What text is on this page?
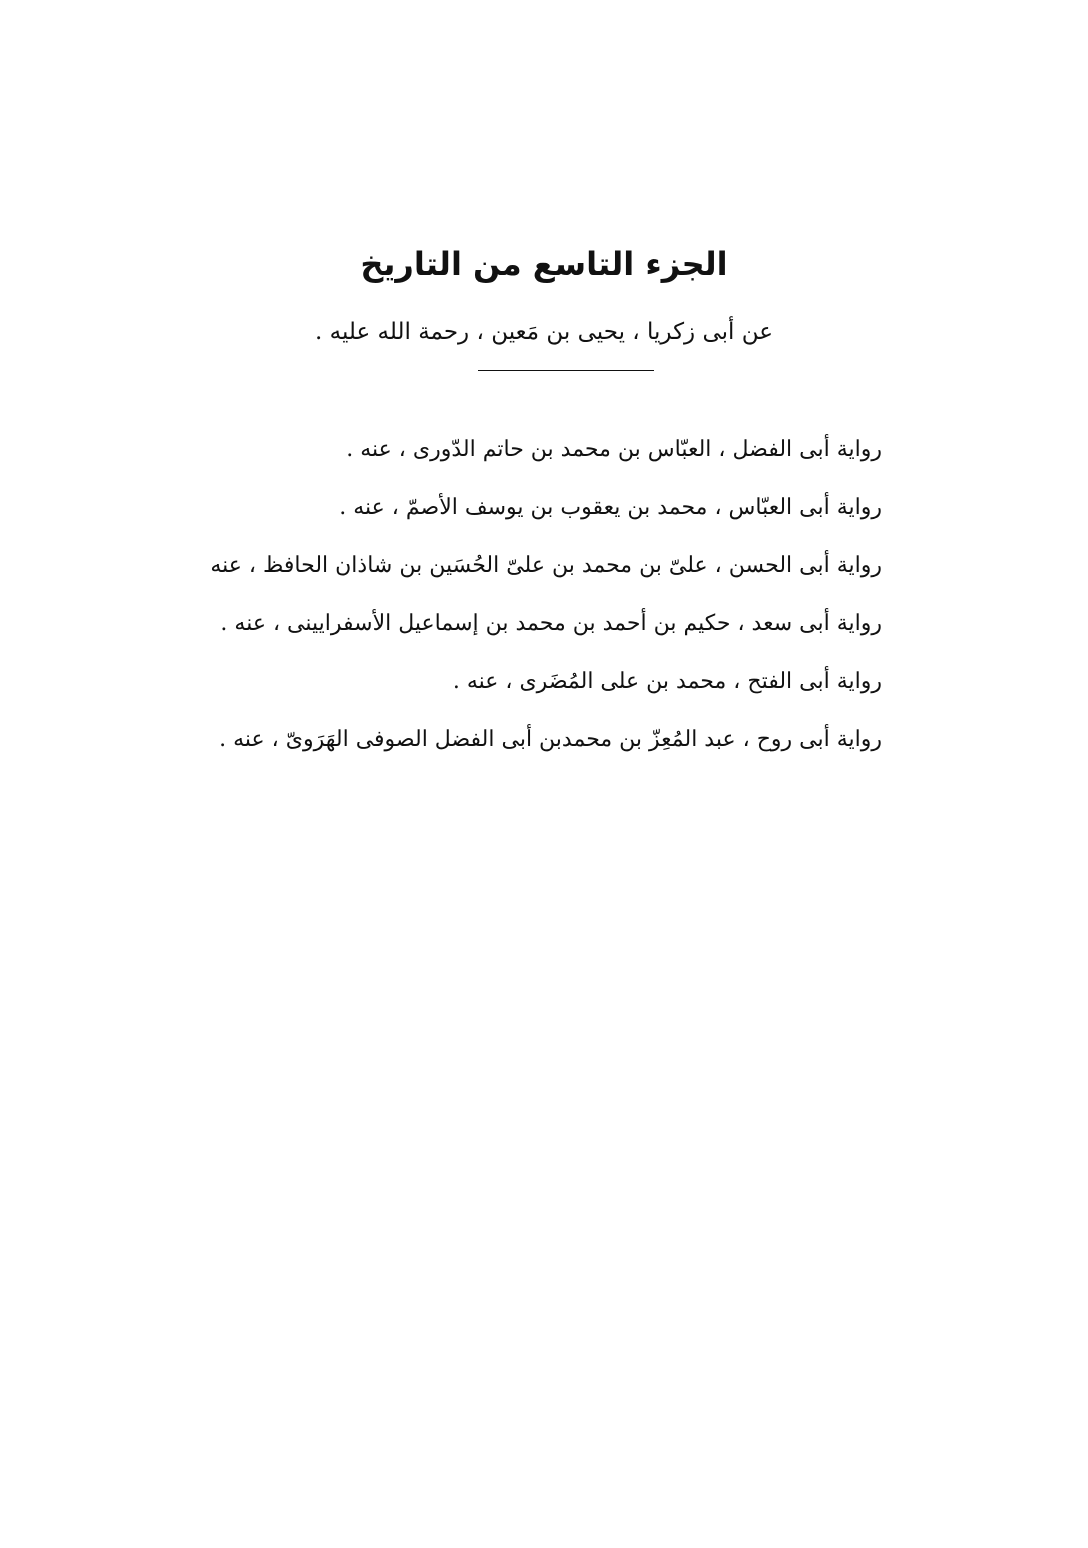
الجزء التاسع من التاريخ

عن أبى زكريا ، يحيى بن مَعين ، رحمة الله عليه .

رواية أبى الفضل ، العبّاس بن محمد بن حاتم الدّورى ، عنه .
رواية أبى العبّاس ، محمد بن يعقوب بن يوسف الأصمّ ، عنه .
رواية أبى الحسن ، علىّ بن محمد بن علىّ الحُسَين بن شاذان الحافظ ، عنه
رواية أبى سعد ، حكيم بن أحمد بن محمد بن إسماعيل الأسفرايينى ، عنه .
رواية أبى الفتح ، محمد بن على المُضَرى ، عنه .
رواية أبى روح ، عبد المُعِزّ بن محمدبن أبى الفضل الصوفى الهَرَوىّ ، عنه .
